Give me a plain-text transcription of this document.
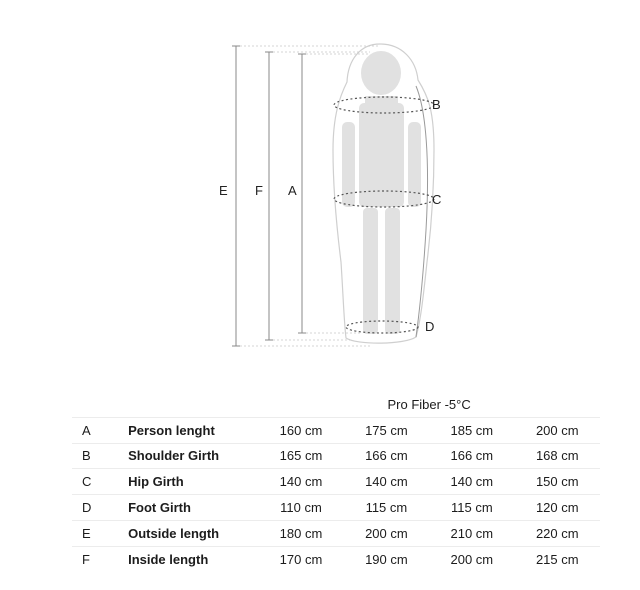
E F A
B
C
D
		Pro Fiber -5°C			
A	Person lenght	160 cm	175 cm	185 cm	200 cm
B	Shoulder Girth	165 cm	166 cm	166 cm	168 cm
C	Hip Girth	140 cm	140 cm	140 cm	150 cm
D	Foot Girth	110 cm	115 cm	115 cm	120 cm
E	Outside length	180 cm	200 cm	210 cm	220 cm
F	Inside length	170 cm	190 cm	200 cm	215 cm
